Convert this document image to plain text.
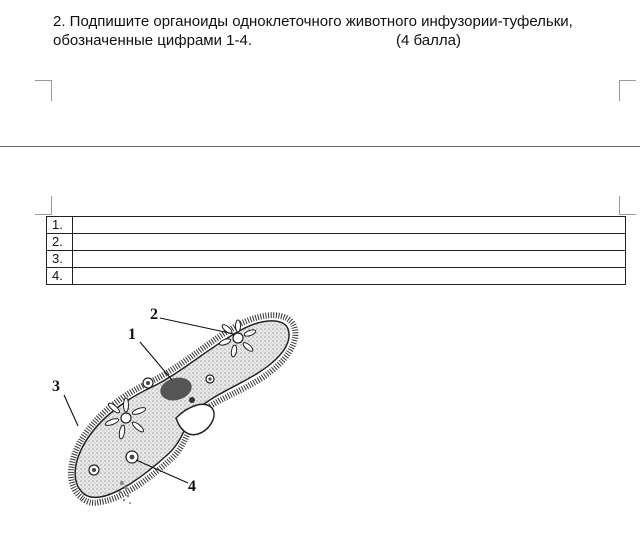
2. Подпишите органоиды одноклеточного животного инфузории-туфельки,
обозначенные цифрами 1-4.	(4 балла)
1.	
2.	
3.	
4.	
1
2
3
4
